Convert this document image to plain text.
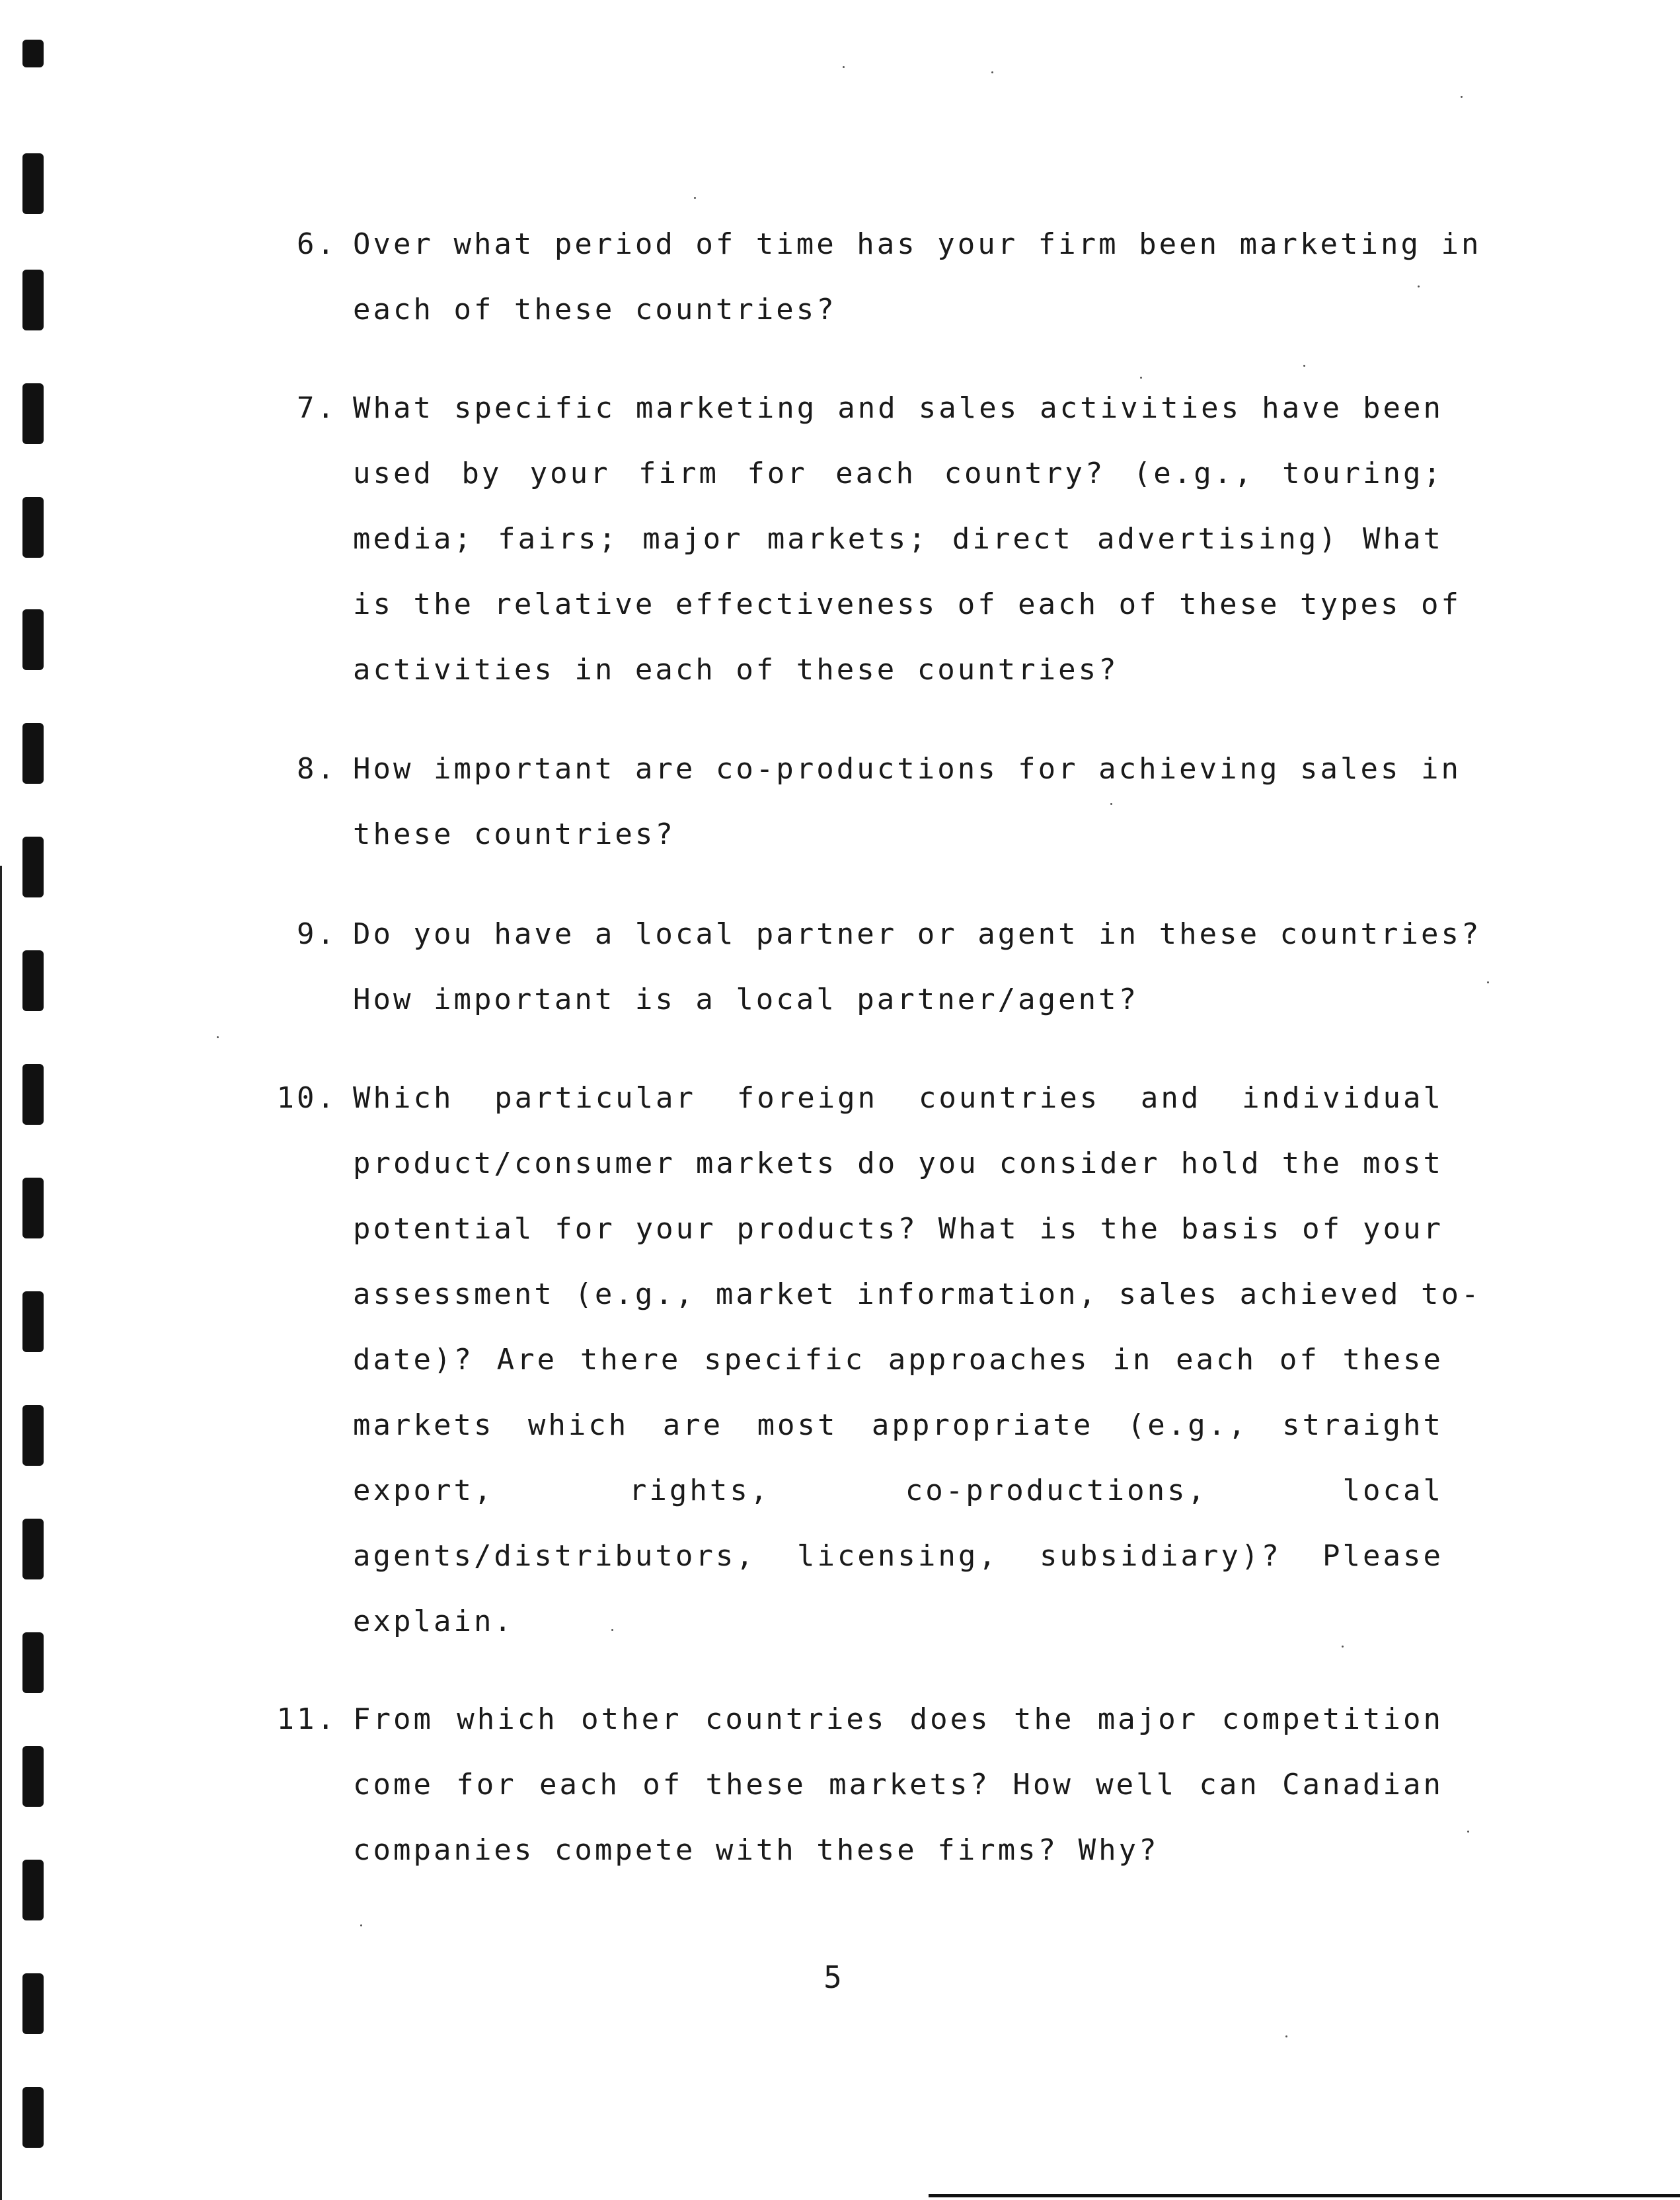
6. Over what period of time has your firm been marketing in
each of these countries?
7. What specific marketing and sales activities have been
used by your firm for each country? (e.g., touring;
media; fairs; major markets; direct advertising) What
is the relative effectiveness of each of these types of
activities in each of these countries?
8. How important are co-productions for achieving sales in
these countries?
9. Do you have a local partner or agent in these countries?
How important is a local partner/agent?
10. Which particular foreign countries and individual
product/consumer markets do you consider hold the most
potential for your products? What is the basis of your
assessment (e.g., market information, sales achieved to-
date)? Are there specific approaches in each of these
markets which are most appropriate (e.g., straight
export, rights, co-productions, local
agents/distributors, licensing, subsidiary)? Please
explain.
11. From which other countries does the major competition
come for each of these markets? How well can Canadian
companies compete with these firms? Why?
5
